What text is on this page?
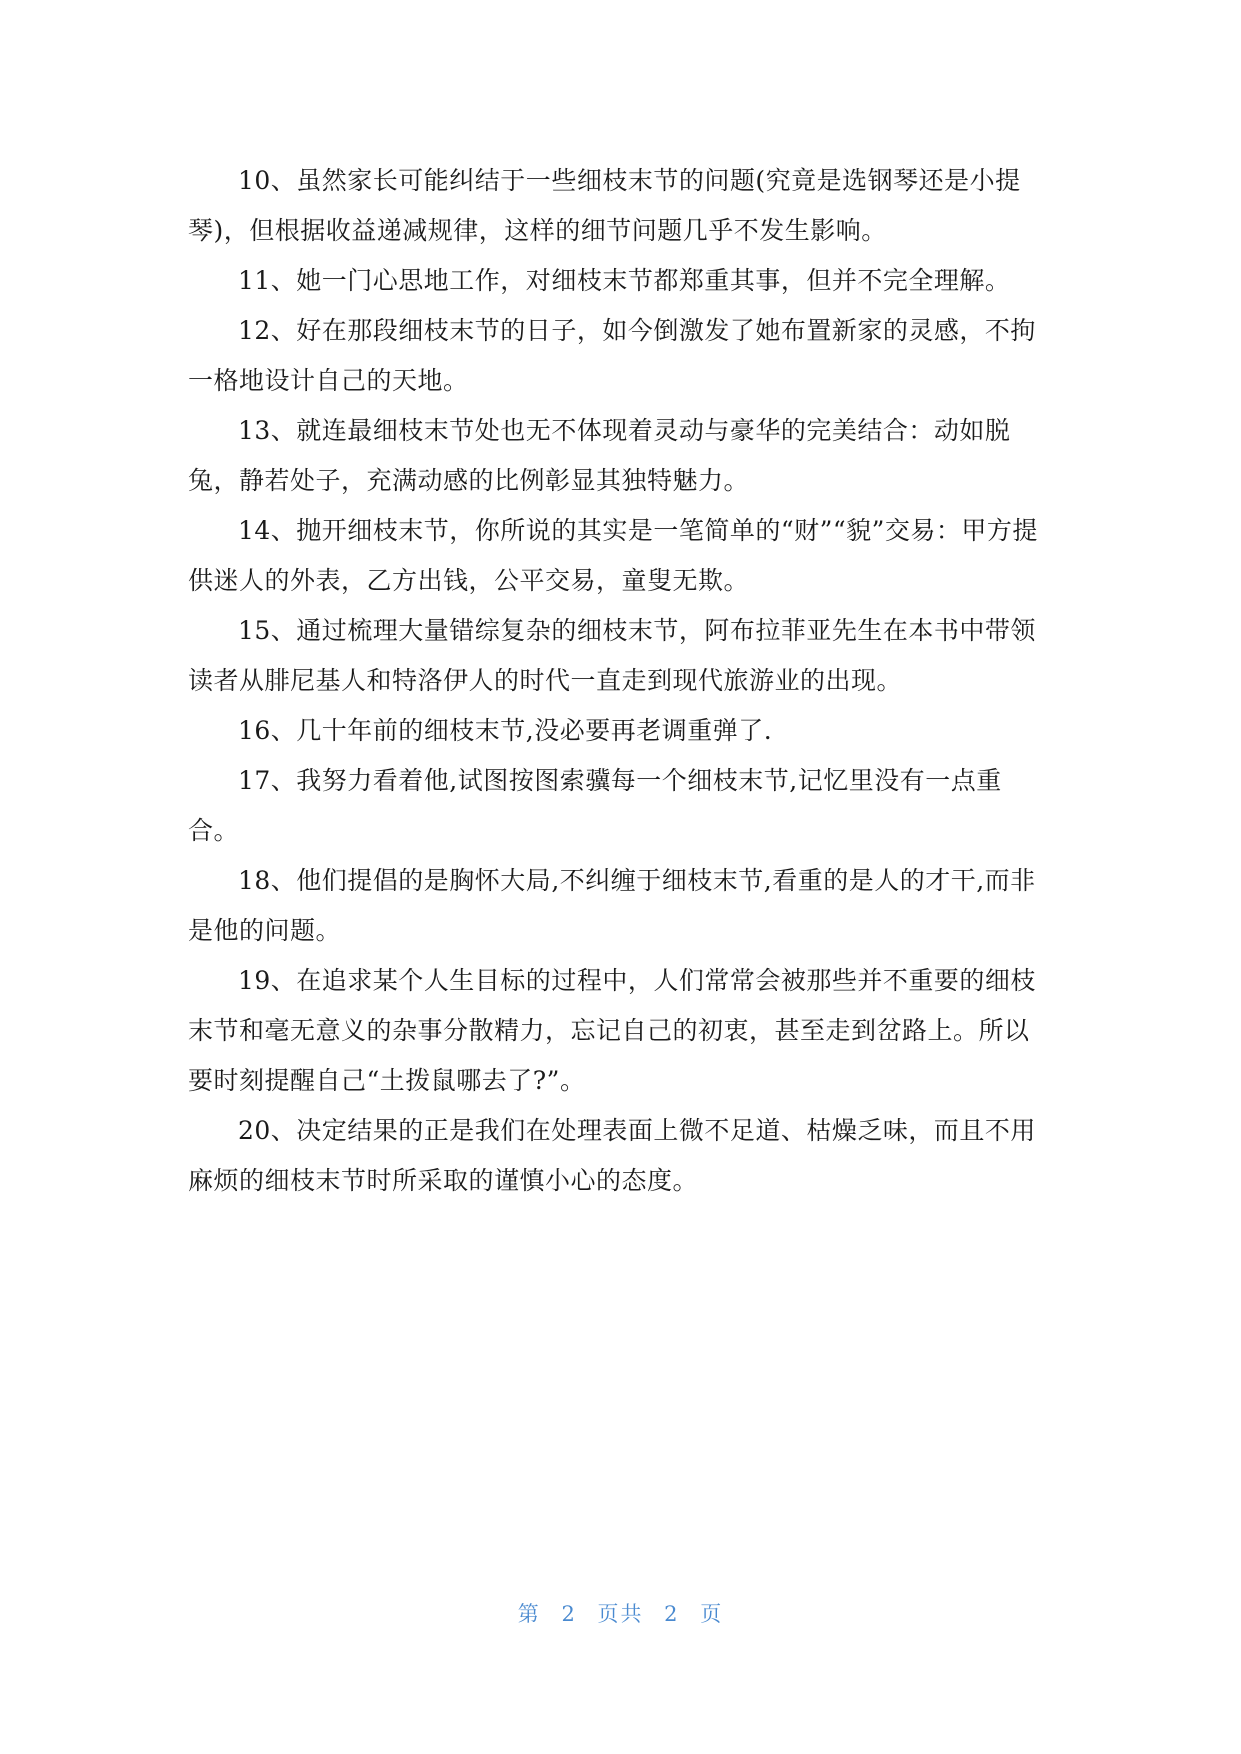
10、虽然家长可能纠结于一些细枝末节的问题(究竟是选钢琴还是小提琴)，但根据收益递减规律，这样的细节问题几乎不发生影响。

11、她一门心思地工作，对细枝末节都郑重其事，但并不完全理解。

12、好在那段细枝末节的日子，如今倒激发了她布置新家的灵感，不拘一格地设计自己的天地。

13、就连最细枝末节处也无不体现着灵动与豪华的完美结合：动如脱兔，静若处子，充满动感的比例彰显其独特魅力。

14、抛开细枝末节，你所说的其实是一笔简单的“财”“貌”交易：甲方提供迷人的外表，乙方出钱，公平交易，童叟无欺。

15、通过梳理大量错综复杂的细枝末节，阿布拉菲亚先生在本书中带领读者从腓尼基人和特洛伊人的时代一直走到现代旅游业的出现。

16、几十年前的细枝末节,没必要再老调重弹了.

17、我努力看着他,试图按图索骥每一个细枝末节,记忆里没有一点重合。

18、他们提倡的是胸怀大局,不纠缠于细枝末节,看重的是人的才干,而非是他的问题。

19、在追求某个人生目标的过程中，人们常常会被那些并不重要的细枝末节和毫无意义的杂事分散精力，忘记自己的初衷，甚至走到岔路上。所以要时刻提醒自己“土拨鼠哪去了?”。

20、决定结果的正是我们在处理表面上微不足道、枯燥乏味，而且不用麻烦的细枝末节时所采取的谨慎小心的态度。

第 2 页共 2 页
